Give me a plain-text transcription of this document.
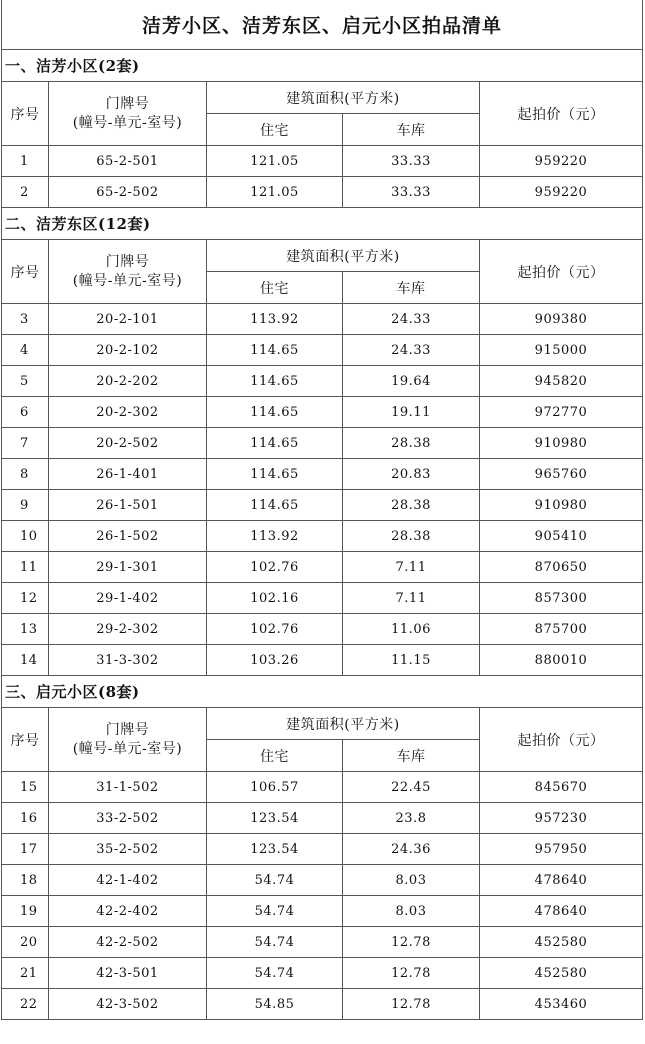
洁芳小区、洁芳东区、启元小区拍品清单				
一、洁芳小区(2套)				
序号	门牌号
(幢号-单元-室号)	建筑面积(平方米)		起拍价（元）
		住宅	车库	
1	65-2-501	121.05	33.33	959220
2	65-2-502	121.05	33.33	959220
二、洁芳东区(12套)				
序号	门牌号
(幢号-单元-室号)	建筑面积(平方米)		起拍价（元）
		住宅	车库	
3	20-2-101	113.92	24.33	909380
4	20-2-102	114.65	24.33	915000
5	20-2-202	114.65	19.64	945820
6	20-2-302	114.65	19.11	972770
7	20-2-502	114.65	28.38	910980
8	26-1-401	114.65	20.83	965760
9	26-1-501	114.65	28.38	910980
10	26-1-502	113.92	28.38	905410
11	29-1-301	102.76	7.11	870650
12	29-1-402	102.16	7.11	857300
13	29-2-302	102.76	11.06	875700
14	31-3-302	103.26	11.15	880010
三、启元小区(8套)				
序号	门牌号
(幢号-单元-室号)	建筑面积(平方米)		起拍价（元）
		住宅	车库	
15	31-1-502	106.57	22.45	845670
16	33-2-502	123.54	23.8	957230
17	35-2-502	123.54	24.36	957950
18	42-1-402	54.74	8.03	478640
19	42-2-402	54.74	8.03	478640
20	42-2-502	54.74	12.78	452580
21	42-3-501	54.74	12.78	452580
22	42-3-502	54.85	12.78	453460
